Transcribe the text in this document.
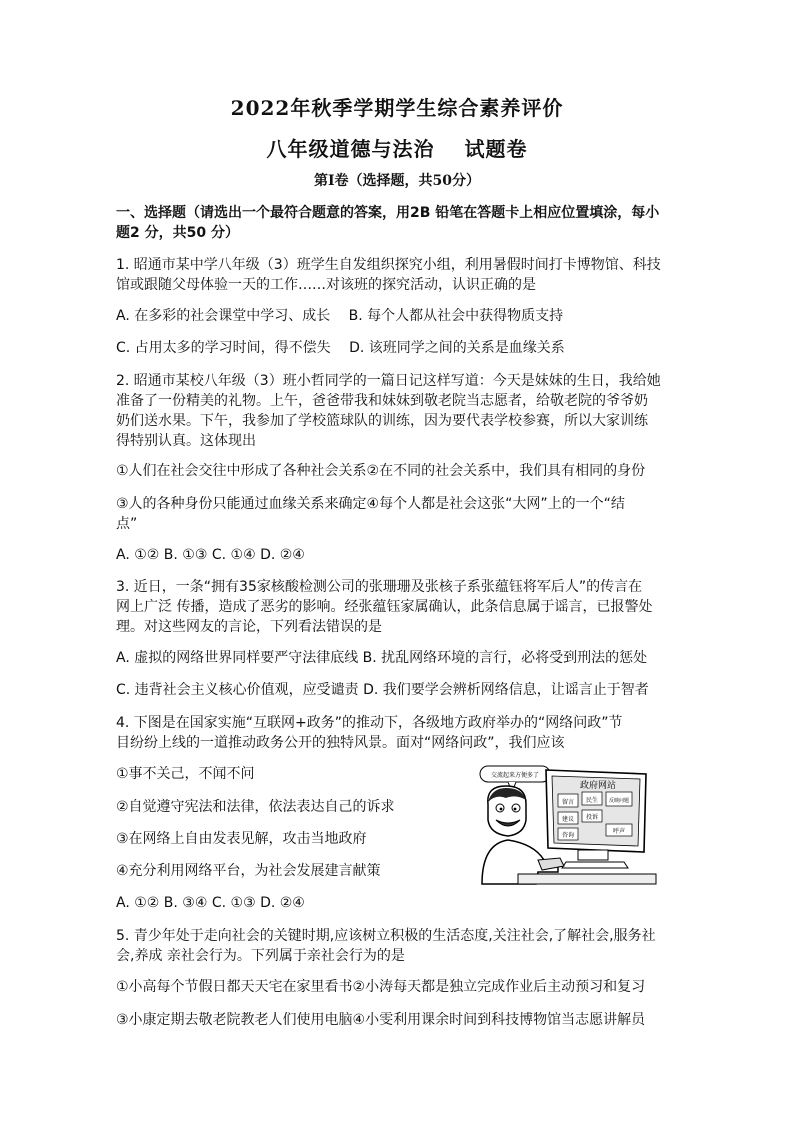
2022年秋季学期学生综合素养评价
八年级道德与法治 试题卷
第Ⅰ卷（选择题，共50分）
一、选择题（请选出一个最符合题意的答案，用2B 铅笔在答题卡上相应位置填涂，每小
题2 分，共50 分）
1. 昭通市某中学八年级（3）班学生自发组织探究小组，利用暑假时间打卡博物馆、科技
馆或跟随父母体验一天的工作……对该班的探究活动，认识正确的是
A. 在多彩的社会课堂中学习、成长　 B. 每个人都从社会中获得物质支持
C. 占用太多的学习时间，得不偿失　 D. 该班同学之间的关系是血缘关系
2. 昭通市某校八年级（3）班小哲同学的一篇日记这样写道：今天是妹妹的生日，我给她
准备了一份精美的礼物。上午，爸爸带我和妹妹到敬老院当志愿者，给敬老院的爷爷奶
奶们送水果。下午，我参加了学校篮球队的训练，因为要代表学校参赛，所以大家训练
得特别认真。这体现出
①人们在社会交往中形成了各种社会关系②在不同的社会关系中，我们具有相同的身份
③人的各种身份只能通过血缘关系来确定④每个人都是社会这张“大网”上的一个“结
点”
A. ①② B. ①③ C. ①④ D. ②④
3. 近日，一条“拥有35家核酸检测公司的张珊珊及张核子系张蕴钰将军后人”的传言在
网上广泛 传播，造成了恶劣的影响。经张蕴钰家属确认，此条信息属于谣言，已报警处
理。对这些网友的言论，下列看法错误的是
A. 虚拟的网络世界同样要严守法律底线 B. 扰乱网络环境的言行，必将受到刑法的惩处
C. 违背社会主义核心价值观，应受谴责 D. 我们要学会辨析网络信息，让谣言止于智者
4. 下图是在国家实施“互联网+政务”的推动下，各级地方政府举办的“网络问政”节
目纷纷上线的一道推动政务公开的独特风景。面对“网络问政”，我们应该
①事不关己，不闻不问
②自觉遵守宪法和法律，依法表达自己的诉求
③在网络上自由发表见解，攻击当地政府
④充分利用网络平台，为社会发展建言献策
A. ①② B. ③④ C. ①③ D. ②④
交流起来方便多了
政府网站
留言 民生 反映问题
建议 投诉
咨询
呼声
5. 青少年处于走向社会的关键时期,应该树立积极的生活态度,关注社会,了解社会,服务社
会,养成 亲社会行为。下列属于亲社会行为的是
①小高每个节假日都天天宅在家里看书②小涛每天都是独立完成作业后主动预习和复习
③小康定期去敬老院教老人们使用电脑④小雯利用课余时间到科技博物馆当志愿讲解员
